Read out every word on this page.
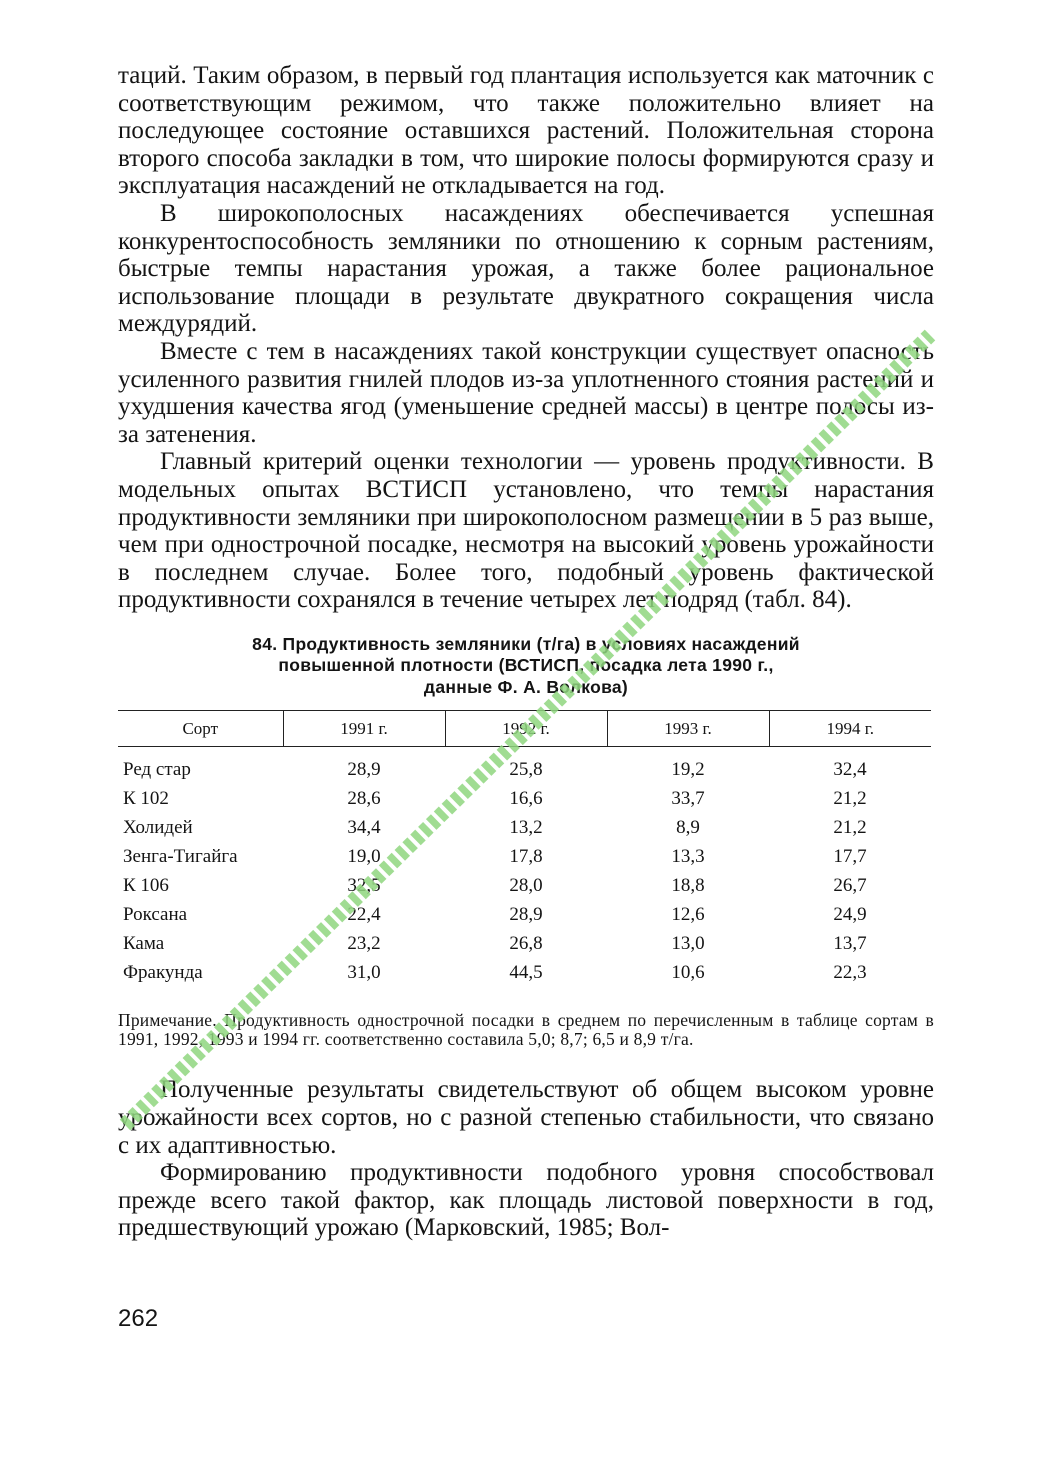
таций. Таким образом, в первый год плантация используется как маточник с соответствующим режимом, что также положительно влияет на последующее состояние оставшихся растений. Положительная сторона второго способа закладки в том, что широкие полосы формируются сразу и эксплуатация насаждений не откладывается на год.

В широкополосных насаждениях обеспечивается успешная конкурентоспособность земляники по отношению к сорным растениям, быстрые темпы нарастания урожая, а также более рациональное использование площади в результате двукратного сокращения числа междурядий.

Вместе с тем в насаждениях такой конструкции существует опасность усиленного развития гнилей плодов из-за уплотненного стояния растений и ухудшения качества ягод (уменьшение средней массы) в центре полосы из-за затенения.

Главный критерий оценки технологии — уровень продуктивности. В модельных опытах ВСТИСП установлено, что темпы нарастания продуктивности земляники при широкополосном размещении в 5 раз выше, чем при однострочной посадке, несмотря на высокий уровень урожайности в последнем случае. Более того, подобный уровень фактической продуктивности сохранялся в течение четырех лет подряд (табл. 84).

84. Продуктивность земляники (т/га) в условиях насаждений
повышенной плотности (ВСТИСП, посадка лета 1990 г.,
данные Ф. А. Волкова)
Сорт	1991 г.	1992 г.	1993 г.	1994 г.
Ред стар	28,9	25,8	19,2	32,4
К 102	28,6	16,6	33,7	21,2
Холидей	34,4	13,2	8,9	21,2
Зенга-Тигайга	19,0	17,8	13,3	17,7
К 106	32,5	28,0	18,8	26,7
Роксана	22,4	28,9	12,6	24,9
Кама	23,2	26,8	13,0	13,7
Фракунда	31,0	44,5	10,6	22,3

Примечание. Продуктивность однострочной посадки в среднем по перечисленным в таблице сортам в 1991, 1992, 1993 и 1994 гг. соответственно составила 5,0; 8,7; 6,5 и 8,9 т/га.

Полученные результаты свидетельствуют об общем высоком уровне урожайности всех сортов, но с разной степенью стабильности, что связано с их адаптивностью.

Формированию продуктивности подобного уровня способствовал прежде всего такой фактор, как площадь листовой поверхности в год, предшествующий урожаю (Марковский, 1985; Вол-

262
